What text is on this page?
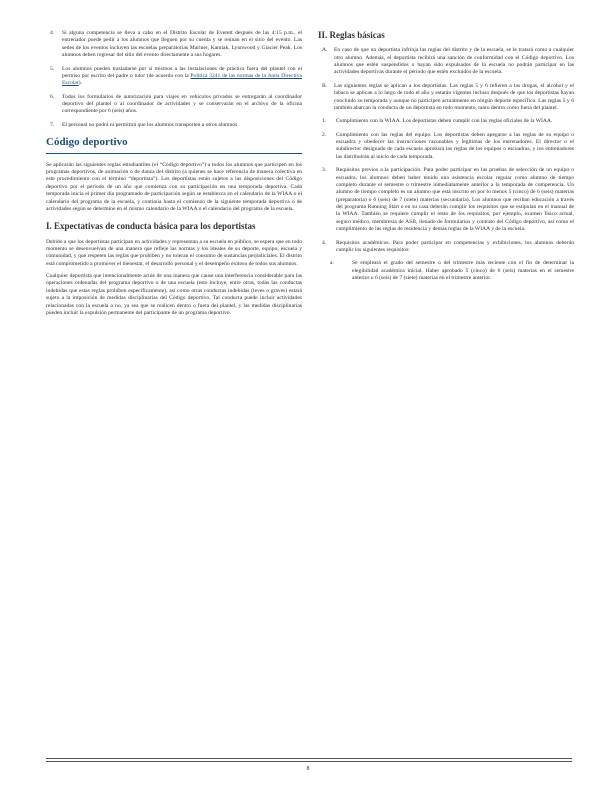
4. Si alguna competencia se lleva a cabo en el Distrito Escolar de Everett después de las 4:15 p.m., el entrenador puede pedir a los alumnos que lleguen por su cuenta y se reúnan en el sitio del evento. Las sedes de los eventos incluyen las escuelas preparatorias Mariner, Kamiak, Lynnwood y Glacier Peak. Los alumnos deben regresar del sitio del evento directamente a sus hogares.

5. Los alumnos pueden trasladarse por sí mismos a las instalaciones de práctica fuera del plantel con el permiso por escrito del padre o tutor (de acuerdo con la Política 3241 de las normas de la Junta Directiva Escolar).

6. Todos los formularios de autorización para viajes en vehículos privados se entregarán al coordinador deportivo del plantel o al coordinador de actividades y se conservarán en el archivo de la oficina correspondiente por 6 (seis) años.

7. El personal no podrá ni permitirá que los alumnos transporten a otros alumnos.

Código deportivo

Se aplicarán las siguientes reglas estudiantiles (el “Código deportivo”) a todos los alumnos que participen en los programas deportivos, de animación o de danza del distrito (a quienes se hace referencia de manera colectiva en este procedimiento con el término “deportista”). Los deportistas están sujetos a las disposiciones del Código deportivo por el periodo de un año que comienza con su participación en una temporada deportiva. Cada temporada inicia el primer día programado de participación según se establezca en el calendario de la WIAA o el calendario del programa de la escuela, y continúa hasta el comienzo de la siguiente temporada deportiva o de actividades según se determine en el mismo calendario de la WIAA o el calendario del programa de la escuela.

I. Expectativas de conducta básica para los deportistas

Debido a que los deportistas participan en actividades y representan a su escuela en público, se espera que en todo momento se desenvuelvan de una manera que refleje las normas y los ideales de su deporte, equipo, escuela y comunidad, y que respeten las reglas que prohíben y no toleran el consumo de sustancias perjudiciales. El distrito está comprometido a promover el bienestar, el desarrollo personal y el desempeño exitoso de todos sus alumnos.

Cualquier deportista que intencionalmente actúe de una manera que cause una interferencia considerable para las operaciones ordenadas del programa deportivo o de una escuela (esto incluye, entre otras, todas las conductas indebidas que estas reglas prohíben específicamente), así como otras conductas indebidas (leves o graves) estará sujeto a la imposición de medidas disciplinarias del Código deportivo. Tal conducta puede incluir actividades relacionadas con la escuela o no, ya sea que se realicen dentro o fuera del plantel, y las medidas disciplinarias pueden incluir la expulsión permanente del participante de un programa deportivo.

II. Reglas básicas
A. En caso de que un deportista infrinja las reglas del distrito y de la escuela, se le tratará como a cualquier otro alumno. Además, el deportista recibirá una sanción de conformidad con el Código deportivo. Los alumnos que estén suspendidos o hayan sido expulsados de la escuela no podrán participar en las actividades deportivas durante el periodo que estén excluidos de la escuela.

B. Las siguientes reglas se aplican a los deportistas. Las reglas 5 y 6 refieren a las drogas, el alcohol y el tabaco se aplican a lo largo de todo el año y estarán vigentes incluso después de que los deportistas hayan concluido su temporada y aunque no participen actualmente en ningún deporte específico. Las reglas 5 y 6 también abarcan la conducta de un deportista en todo momento, tanto dentro como fuera del plantel.

1. Cumplimiento con la WIAA. Los deportistas deben cumplir con las reglas oficiales de la WIAA.

2. Cumplimiento con las reglas del equipo. Los deportistas deben apegarse a las reglas de su equipo o escuadra y obedecer las instrucciones razonables y legítimas de los entrenadores. El director o el subdirector designado de cada escuela aprobará las reglas de los equipos o escuadras, y los entrenadores las distribuirán al inicio de cada temporada.

3. Requisitos previos a la participación. Para poder participar en las pruebas de selección de un equipo o escuadra, los alumnos deben haber tenido una asistencia escolar regular como alumno de tiempo completo durante el semestre o trimestre inmediatamente anterior a la temporada de competencia. Un alumno de tiempo completo es un alumno que está inscrito en por lo menos 5 (cinco) de 6 (seis) materias (preparatoria) o 6 (seis) de 7 (siete) materias (secundaria). Los alumnos que reciban educación a través del programa Running Start o en su casa deberán cumplir los requisitos que se estipulan en el manual de la WIAA. También se requiere cumplir el resto de los requisitos, por ejemplo, examen físico actual, seguro médico, membresía de ASB, llenado de formularios y contrato del Código deportivo, así como el cumplimiento de las reglas de residencia y demás reglas de la WIAA y de la escuela.

4. Requisitos académicos. Para poder participar en competencias y exhibiciones, los alumnos deberán cumplir los siguientes requisitos:

a.	Se empleará el grado del semestre o del trimestre más reciente con el fin de determinar la elegibilidad académica inicial. Haber aprobado 5 (cinco) de 6 (seis) materias en el semestre anterior o 6 (seis) de 7 (siete) materias en el trimestre anterior.

8
